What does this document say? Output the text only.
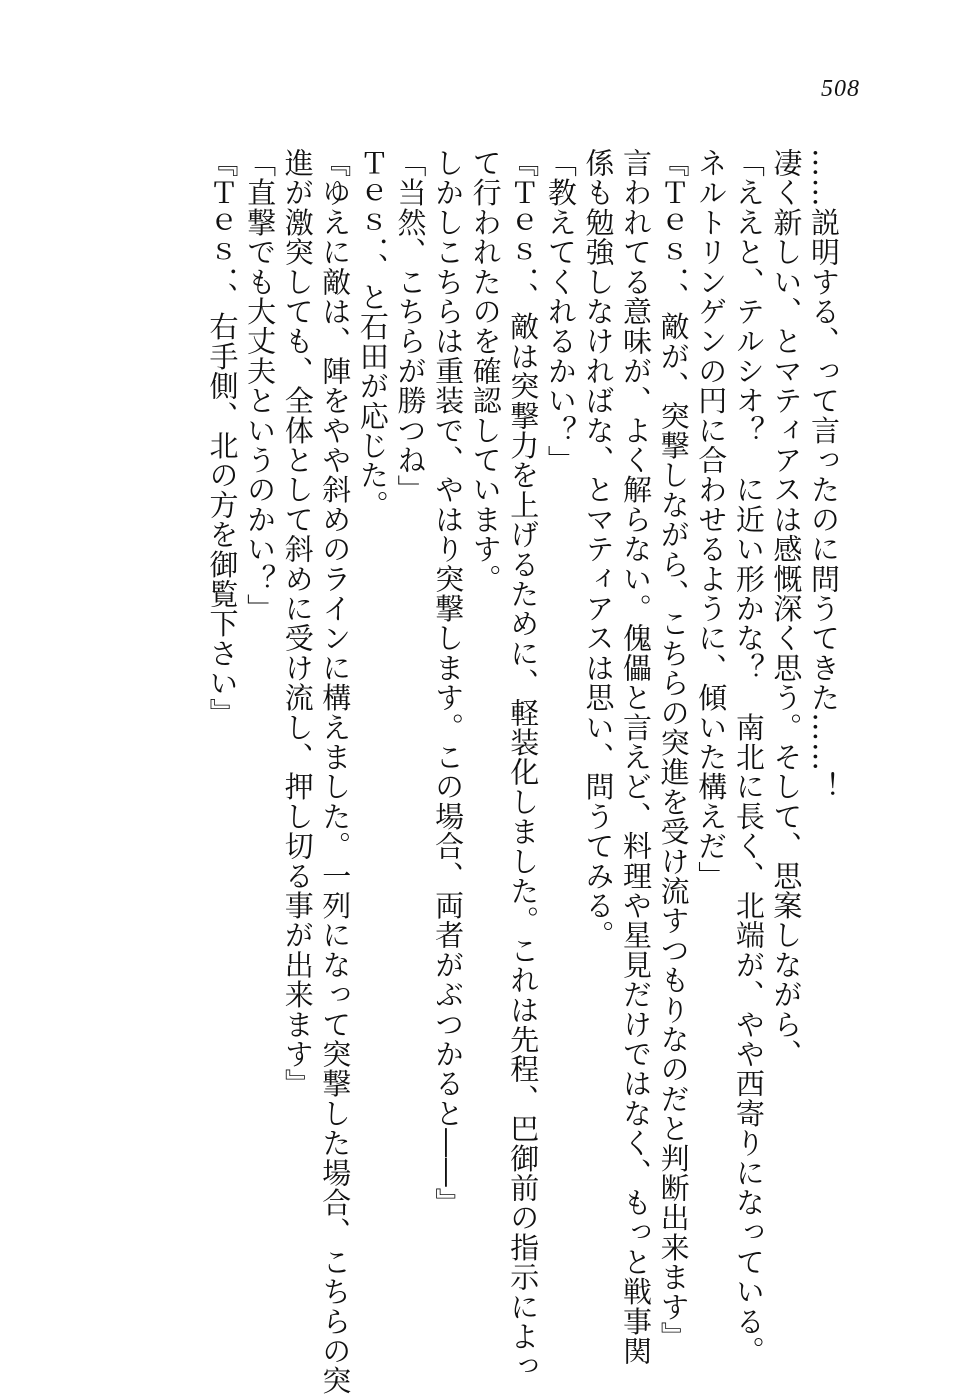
508
……説明する、って言ったのに問うてきた……！
凄く新しい、とマティアスは感慨深く思う。そして、思案しながら、
「ええと、テルシオ？　に近い形かな？　南北に長く、北端が、やや西寄りになっている。
ネルトリンゲンの円に合わせるように、傾いた構えだ」
『Ｔｅｓ．、敵が、突撃しながら、こちらの突進を受け流すつもりなのだと判断出来ます』
言われてる意味が、よく解らない。傀儡と言えど、料理や星見だけではなく、もっと戦事関
係も勉強しなければな、とマティアスは思い、問うてみる。
「教えてくれるかい？」
『Ｔｅｓ．、敵は突撃力を上げるために、軽装化しました。これは先程、巴御前の指示によっ
て行われたのを確認しています。
しかしこちらは重装で、やはり突撃します。この場合、両者がぶつかると――』
「当然、こちらが勝つね」
Ｔｅｓ．、と石田が応じた。
『ゆえに敵は、陣をやや斜めのラインに構えました。一列になって突撃した場合、こちらの突
進が激突しても、全体として斜めに受け流し、押し切る事が出来ます』
「直撃でも大丈夫というのかい？」
『Ｔｅｓ．、右手側、北の方を御覧下さい』
